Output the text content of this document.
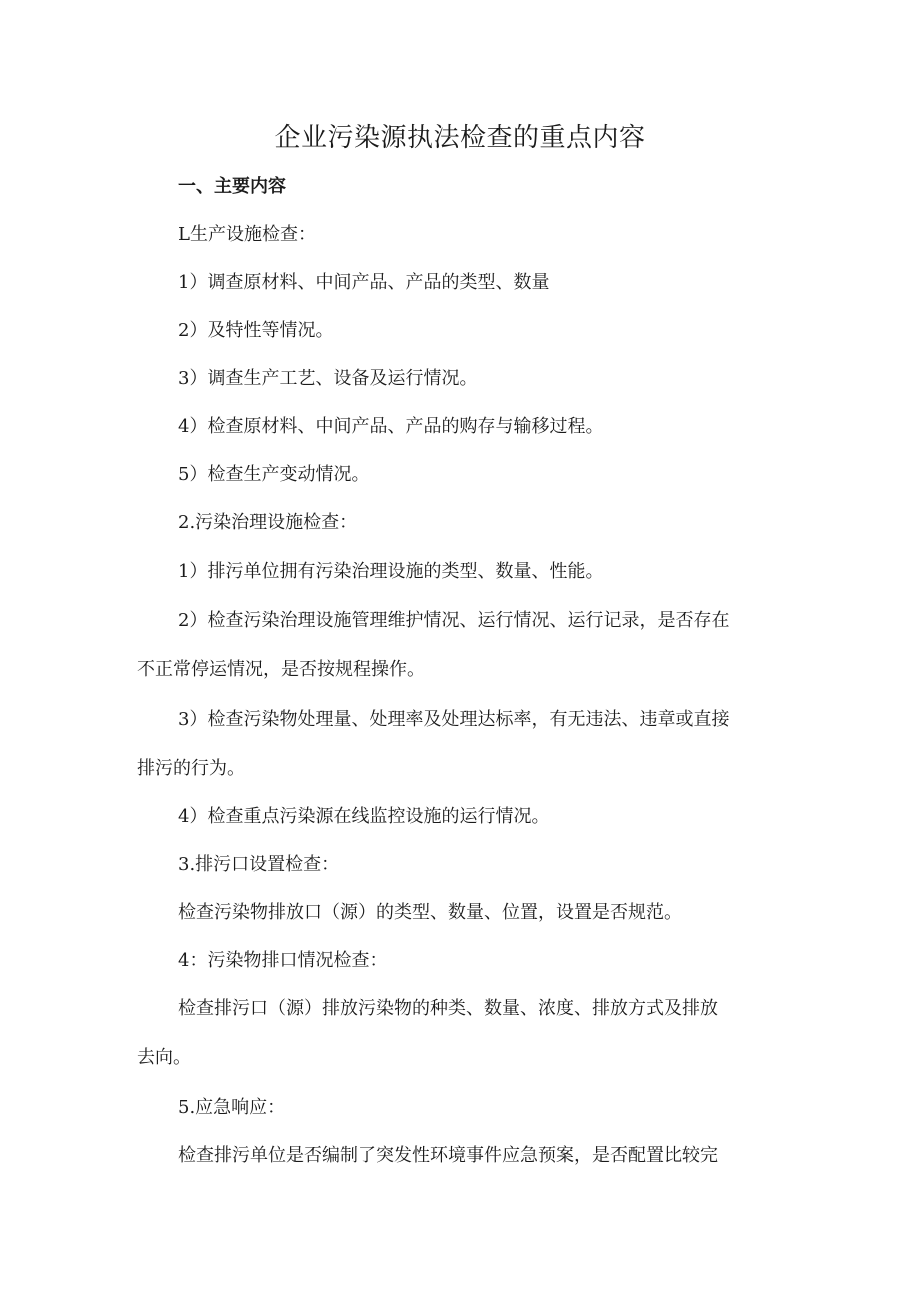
企业污染源执法检查的重点内容
一、主要内容
L生产设施检查：
1）调查原材料、中间产品、产品的类型、数量
2）及特性等情况。
3）调查生产工艺、设备及运行情况。
4）检查原材料、中间产品、产品的购存与输移过程。
5）检查生产变动情况。
2.污染治理设施检查：
1）排污单位拥有污染治理设施的类型、数量、性能。
2）检查污染治理设施管理维护情况、运行情况、运行记录，是否存在
不正常停运情况，是否按规程操作。
3）检查污染物处理量、处理率及处理达标率，有无违法、违章或直接
排污的行为。
4）检查重点污染源在线监控设施的运行情况。
3.排污口设置检查：
检查污染物排放口（源）的类型、数量、位置，设置是否规范。
4：污染物排口情况检查：
检查排污口（源）排放污染物的种类、数量、浓度、排放方式及排放
去向。
5.应急响应：
检查排污单位是否编制了突发性环境事件应急预案，是否配置比较完
